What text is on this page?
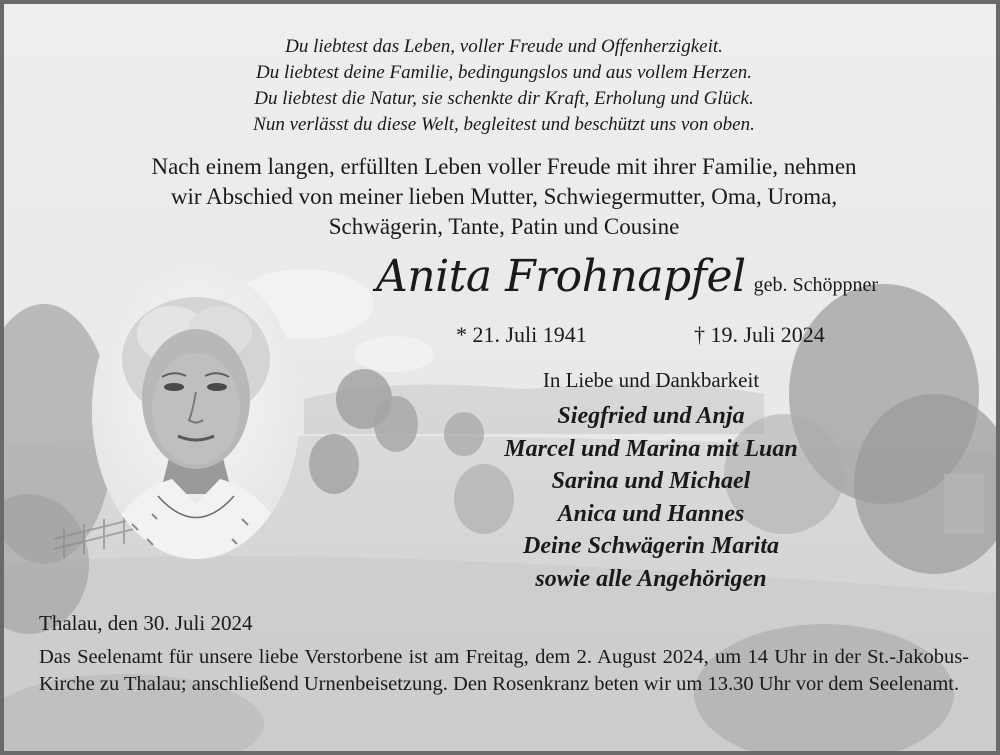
Du liebtest das Leben, voller Freude und Offenherzigkeit.
Du liebtest deine Familie, bedingungslos und aus vollem Herzen.
Du liebtest die Natur, sie schenkte dir Kraft, Erholung und Glück.
Nun verlässt du diese Welt, begleitest und beschützt uns von oben.
Nach einem langen, erfüllten Leben voller Freude mit ihrer Familie, nehmen
wir Abschied von meiner lieben Mutter, Schwiegermutter, Oma, Uroma,
Schwägerin, Tante, Patin und Cousine
Anita Frohnapfel geb. Schöppner
* 21. Juli 1941	† 19. Juli 2024
In Liebe und Dankbarkeit
Siegfried und Anja
Marcel und Marina mit Luan
Sarina und Michael
Anica und Hannes
Deine Schwägerin Marita
sowie alle Angehörigen
Thalau, den 30. Juli 2024
Das Seelenamt für unsere liebe Verstorbene ist am Freitag, dem 2. August 2024, um 14 Uhr in der St.-Jakobus-Kirche zu Thalau; anschließend Urnenbeisetzung. Den Rosenkranz beten wir um 13.30 Uhr vor dem Seelenamt.
